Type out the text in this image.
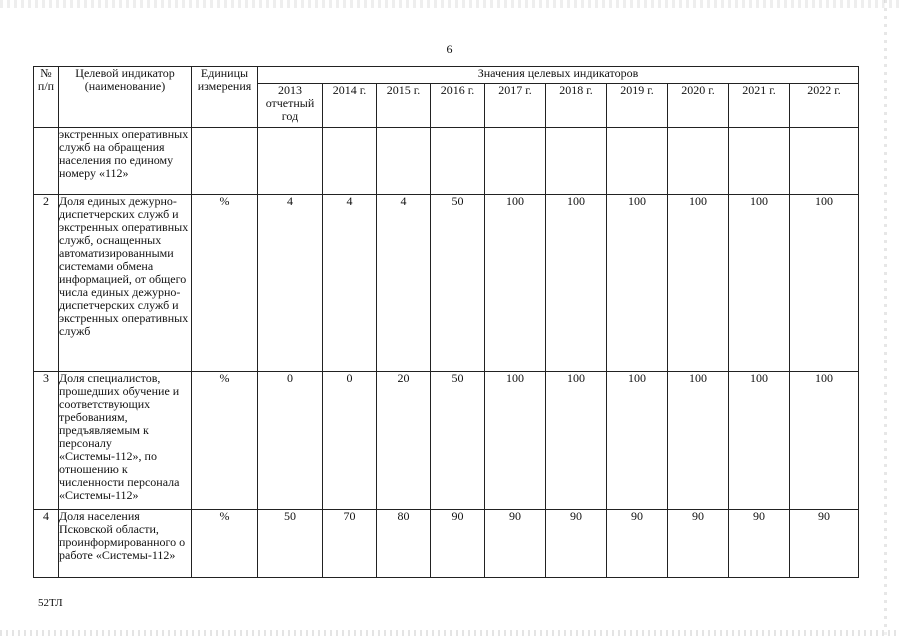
6
№ п/п	Целевой индикатор (наименование)	Единицы измерения	Значения целевых индикаторов									
			2013 отчетный год	2014 г.	2015 г.	2016 г.	2017 г.	2018 г.	2019 г.	2020 г.	2021 г.	2022 г.
	экстренных оперативных служб на обращения населения по единому номеру «112»											
2	Доля единых дежурно-диспетчерских служб и экстренных оперативных служб, оснащенных автоматизированными системами обмена информацией, от общего числа единых дежурно-диспетчерских служб и экстренных оперативных служб	%	4	4	4	50	100	100	100	100	100	100
3	Доля специалистов, прошедших обучение и соответствующих требованиям, предъявляемым к персоналу «Системы-112», по отношению к численности персонала «Системы-112»	%	0	0	20	50	100	100	100	100	100	100
4	Доля населения Псковской области, проинформированного о работе «Системы-112»	%	50	70	80	90	90	90	90	90	90	90
52ТЛ
